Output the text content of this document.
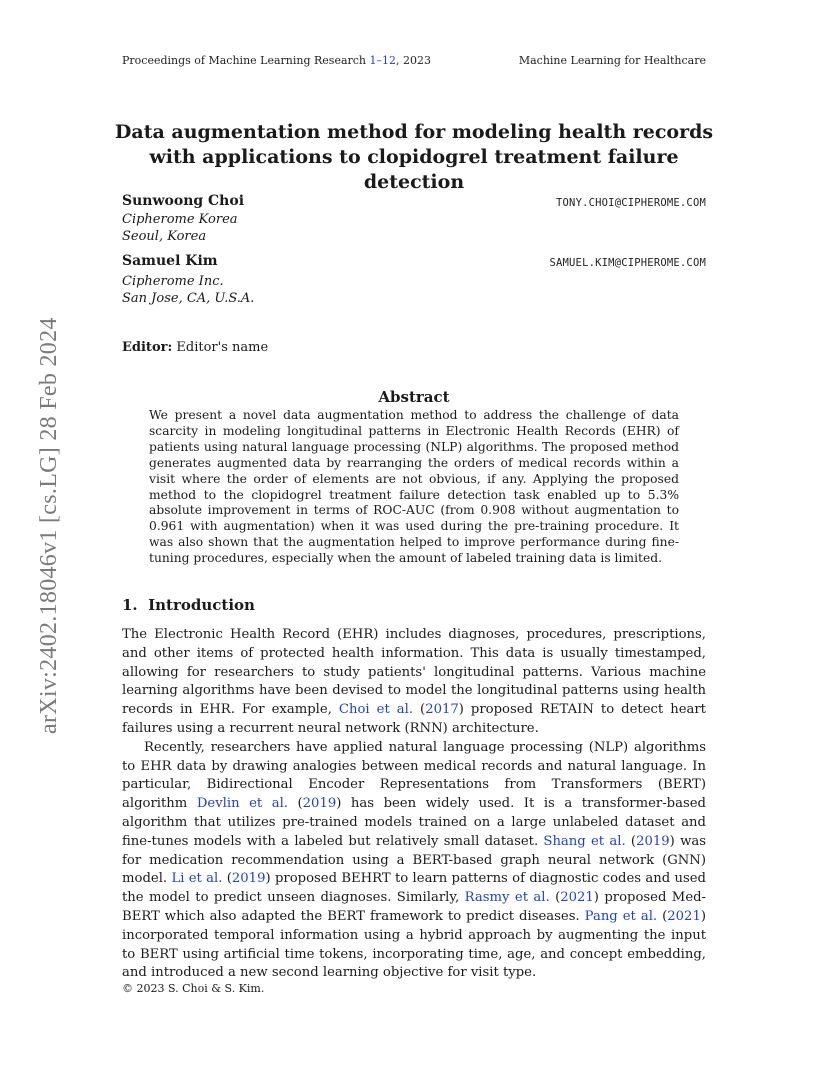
Proceedings of Machine Learning Research 1–12, 2023	Machine Learning for Healthcare
arXiv:2402.18046v1 [cs.LG] 28 Feb 2024
Data augmentation method for modeling health records
with applications to clopidogrel treatment failure detection
Sunwoong Choi	TONY.CHOI@CIPHEROME.COM
Cipherome Korea
Seoul, Korea
Samuel Kim	SAMUEL.KIM@CIPHEROME.COM
Cipherome Inc.
San Jose, CA, U.S.A.
Editor: Editor's name
Abstract
We present a novel data augmentation method to address the challenge of data scarcity in modeling longitudinal patterns in Electronic Health Records (EHR) of patients using natural language processing (NLP) algorithms. The proposed method generates augmented data by rearranging the orders of medical records within a visit where the order of elements are not obvious, if any. Applying the proposed method to the clopidogrel treatment failure detection task enabled up to 5.3% absolute improvement in terms of ROC-AUC (from 0.908 without augmentation to 0.961 with augmentation) when it was used during the pre-training procedure. It was also shown that the augmentation helped to improve performance during fine-tuning procedures, especially when the amount of labeled training data is limited.
1. Introduction

The Electronic Health Record (EHR) includes diagnoses, procedures, prescriptions, and other items of protected health information. This data is usually timestamped, allowing for researchers to study patients' longitudinal patterns. Various machine learning algorithms have been devised to model the longitudinal patterns using health records in EHR. For example, Choi et al. (2017) proposed RETAIN to detect heart failures using a recurrent neural network (RNN) architecture.

Recently, researchers have applied natural language processing (NLP) algorithms to EHR data by drawing analogies between medical records and natural language. In particular, Bidirectional Encoder Representations from Transformers (BERT) algorithm Devlin et al. (2019) has been widely used. It is a transformer-based algorithm that utilizes pre-trained models trained on a large unlabeled dataset and fine-tunes models with a labeled but relatively small dataset. Shang et al. (2019) was for medication recommendation using a BERT-based graph neural network (GNN) model. Li et al. (2019) proposed BEHRT to learn patterns of diagnostic codes and used the model to predict unseen diagnoses. Similarly, Rasmy et al. (2021) proposed Med-BERT which also adapted the BERT framework to predict diseases. Pang et al. (2021) incorporated temporal information using a hybrid approach by augmenting the input to BERT using artificial time tokens, incorporating time, age, and concept embedding, and introduced a new second learning objective for visit type.

© 2023 S. Choi & S. Kim.
